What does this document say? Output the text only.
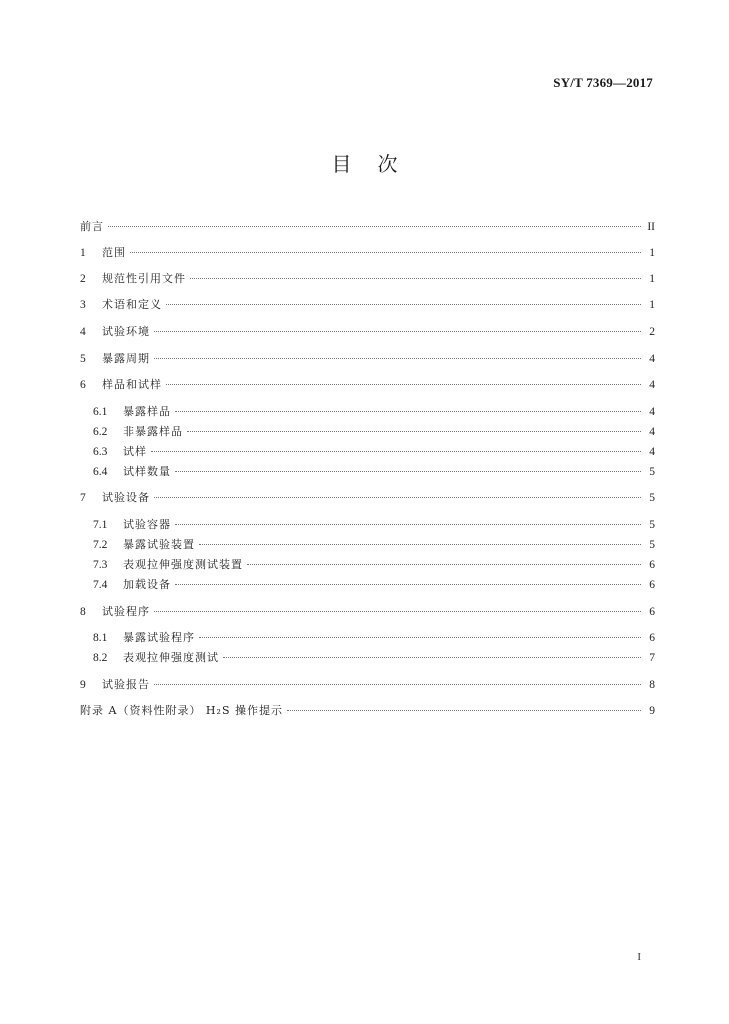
SY/T 7369—2017
目次
前言	II
1	范围	1
2	规范性引用文件	1
3	术语和定义	1
4	试验环境	2
5	暴露周期	4
6	样品和试样	4
6.1	暴露样品	4
6.2	非暴露样品	4
6.3	试样	4
6.4	试样数量	5
7	试验设备	5
7.1	试验容器	5
7.2	暴露试验装置	5
7.3	表观拉伸强度测试装置	6
7.4	加载设备	6
8	试验程序	6
8.1	暴露试验程序	6
8.2	表观拉伸强度测试	7
9	试验报告	8
附录 A（资料性附录） H₂S 操作提示	9
I
